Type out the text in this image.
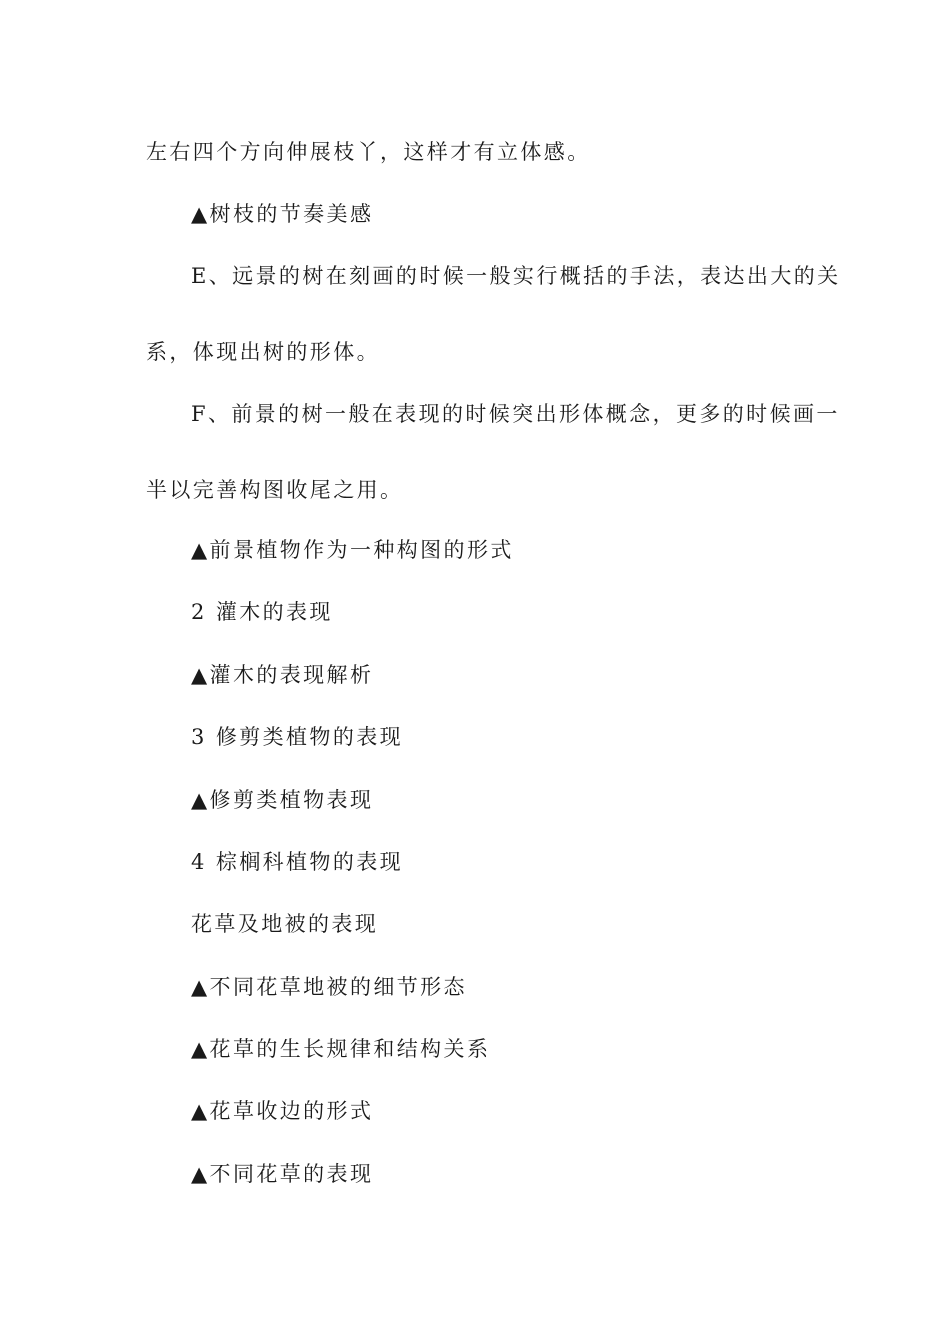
左右四个方向伸展枝丫，这样才有立体感。
▲树枝的节奏美感
E、远景的树在刻画的时候一般实行概括的手法，表达出大的关
系，体现出树的形体。
F、前景的树一般在表现的时候突出形体概念，更多的时候画一
半以完善构图收尾之用。
▲前景植物作为一种构图的形式
2 灌木的表现
▲灌木的表现解析
3 修剪类植物的表现
▲修剪类植物表现
4 棕榈科植物的表现
花草及地被的表现
▲不同花草地被的细节形态
▲花草的生长规律和结构关系
▲花草收边的形式
▲不同花草的表现
